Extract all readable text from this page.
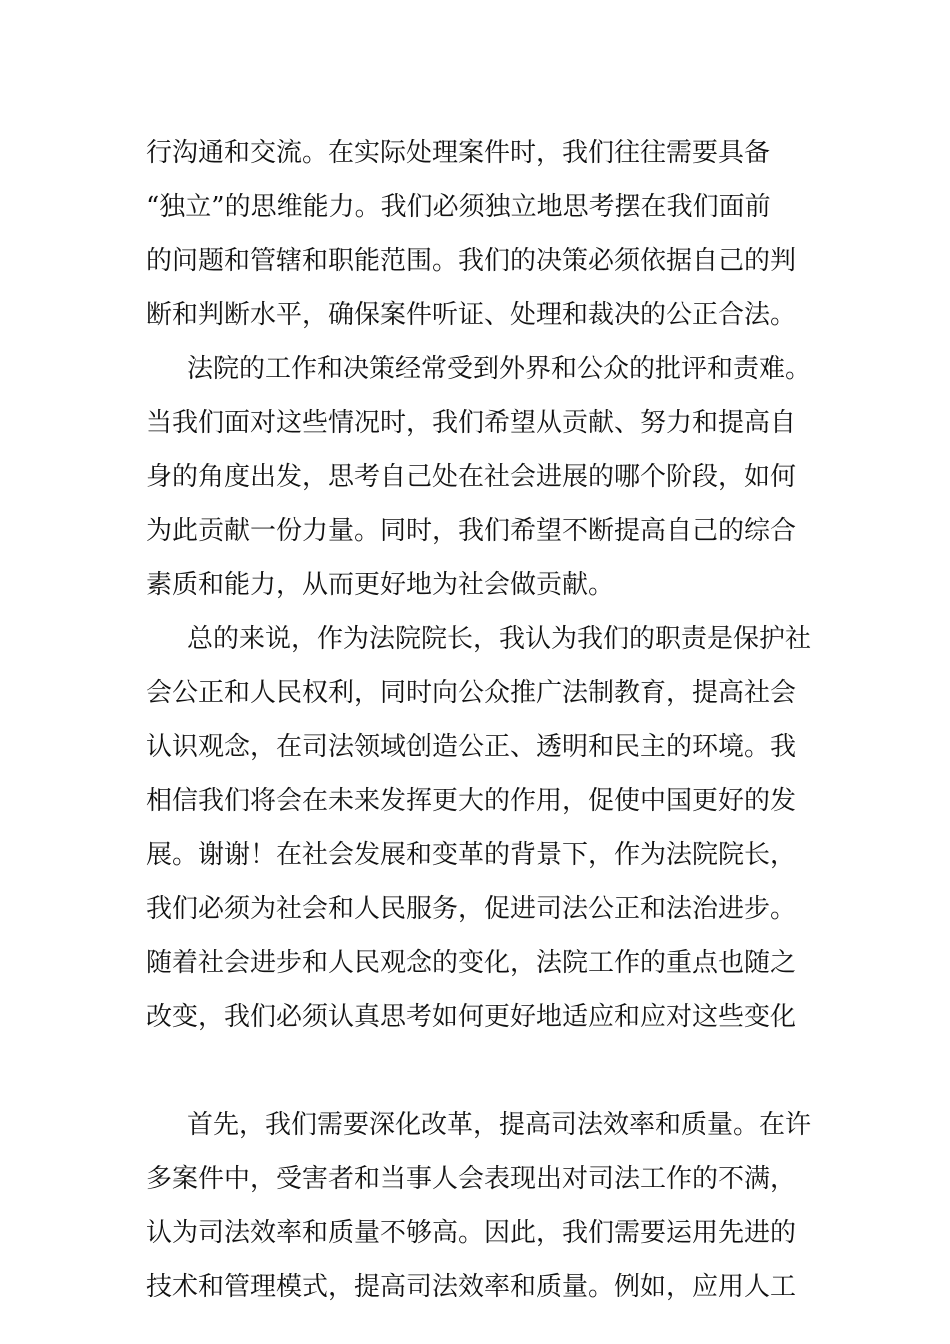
行沟通和交流。在实际处理案件时，我们往往需要具备
“独立”的思维能力。我们必须独立地思考摆在我们面前
的问题和管辖和职能范围。我们的决策必须依据自己的判
断和判断水平，确保案件听证、处理和裁决的公正合法。
法院的工作和决策经常受到外界和公众的批评和责难。
当我们面对这些情况时，我们希望从贡献、努力和提高自
身的角度出发，思考自己处在社会进展的哪个阶段，如何
为此贡献一份力量。同时，我们希望不断提高自己的综合
素质和能力，从而更好地为社会做贡献。
总的来说，作为法院院长，我认为我们的职责是保护社
会公正和人民权利，同时向公众推广法制教育，提高社会
认识观念，在司法领域创造公正、透明和民主的环境。我
相信我们将会在未来发挥更大的作用，促使中国更好的发
展。谢谢！在社会发展和变革的背景下，作为法院院长，
我们必须为社会和人民服务，促进司法公正和法治进步。
随着社会进步和人民观念的变化，法院工作的重点也随之
改变，我们必须认真思考如何更好地适应和应对这些变化
首先，我们需要深化改革，提高司法效率和质量。在许
多案件中，受害者和当事人会表现出对司法工作的不满，
认为司法效率和质量不够高。因此，我们需要运用先进的
技术和管理模式，提高司法效率和质量。例如，应用人工
